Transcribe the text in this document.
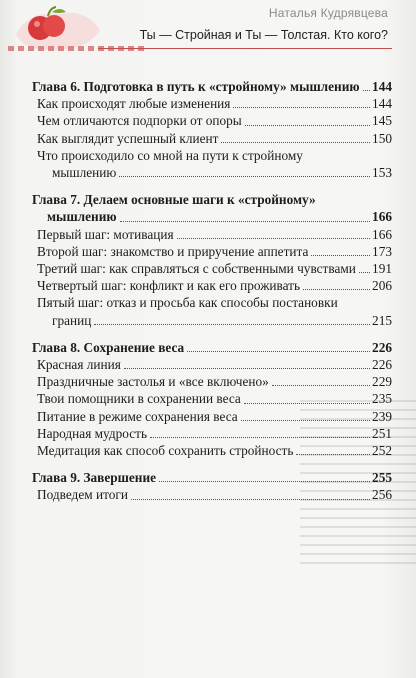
Наталья Кудрявцева
Ты — Стройная и Ты — Толстая. Кто кого?
Глава 6. Подготовка в путь к «стройному» мышлению 144
Как происходят любые изменения	144
Чем отличаются подпорки от опоры	145
Как выглядит успешный клиент	150
Что происходило со мной на пути к стройному
мышлению	153
Глава 7. Делаем основные шаги к «стройному»
мышлению	166
Первый шаг: мотивация	166
Второй шаг: знакомство и приручение аппетита	173
Третий шаг: как справляться с собственными чувствами 191
Четвертый шаг: конфликт и как его проживать	206
Пятый шаг: отказ и просьба как способы постановки
границ	215
Глава 8. Сохранение веса	226
Красная линия	226
Праздничные застолья и «все включено»	229
Твои помощники в сохранении веса	235
Питание в режиме сохранения веса	239
Народная мудрость	251
Медитация как способ сохранить стройность	252
Глава 9. Завершение	255
Подведем итоги	256
